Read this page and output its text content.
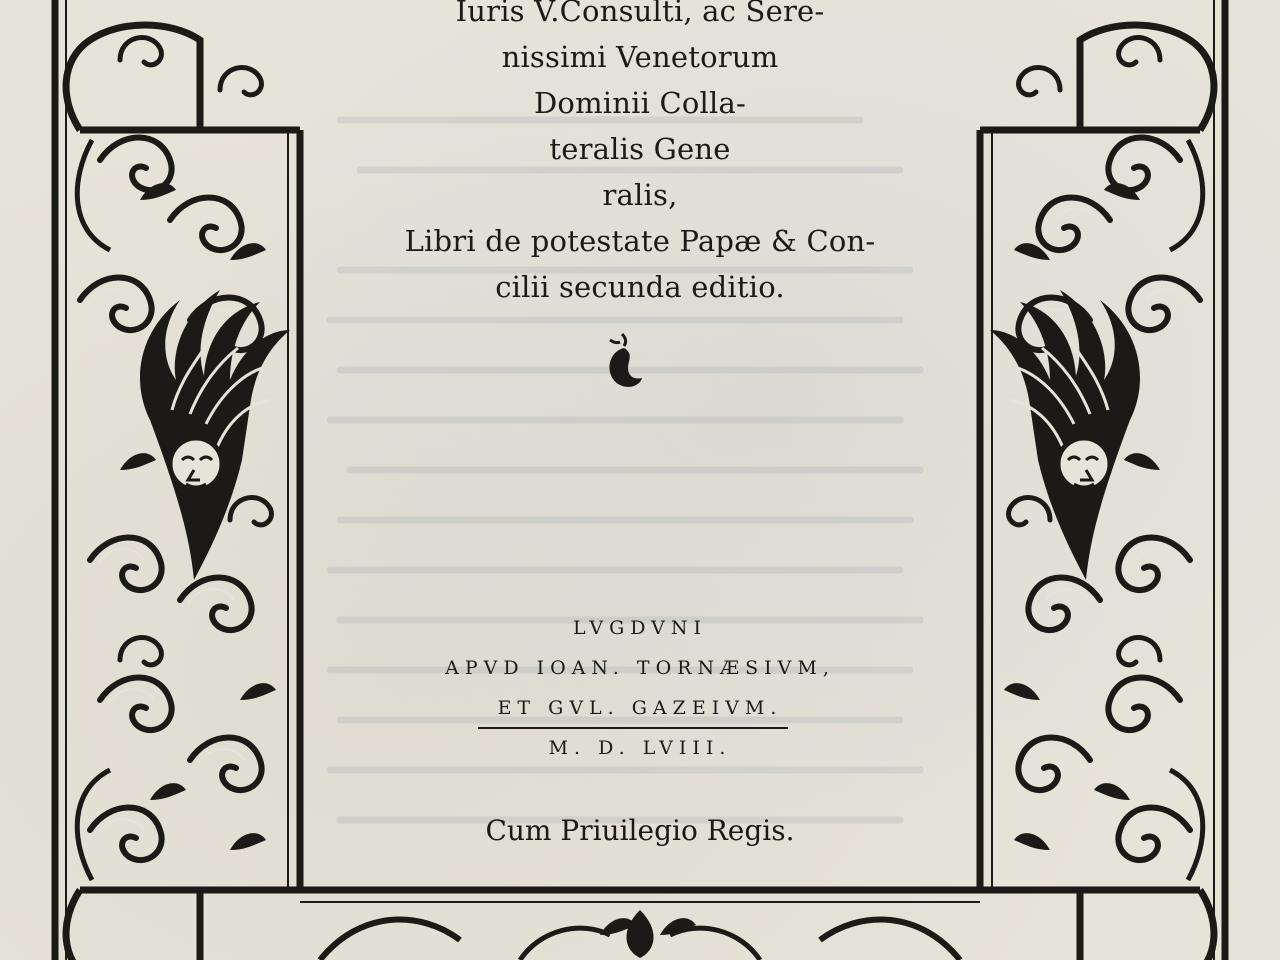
Iuris V.Consulti, ac Sere-
nissimi Venetorum
Dominii Colla-
teralis Gene
ralis,
Libri de potestate Papæ & Con-
cilii secunda editio.
LVGDVNI
APVD IOAN. TORNÆSIVM,
ET GVL. GAZEIVM.
M. D. LVIII.
Cum Priuilegio Regis.
